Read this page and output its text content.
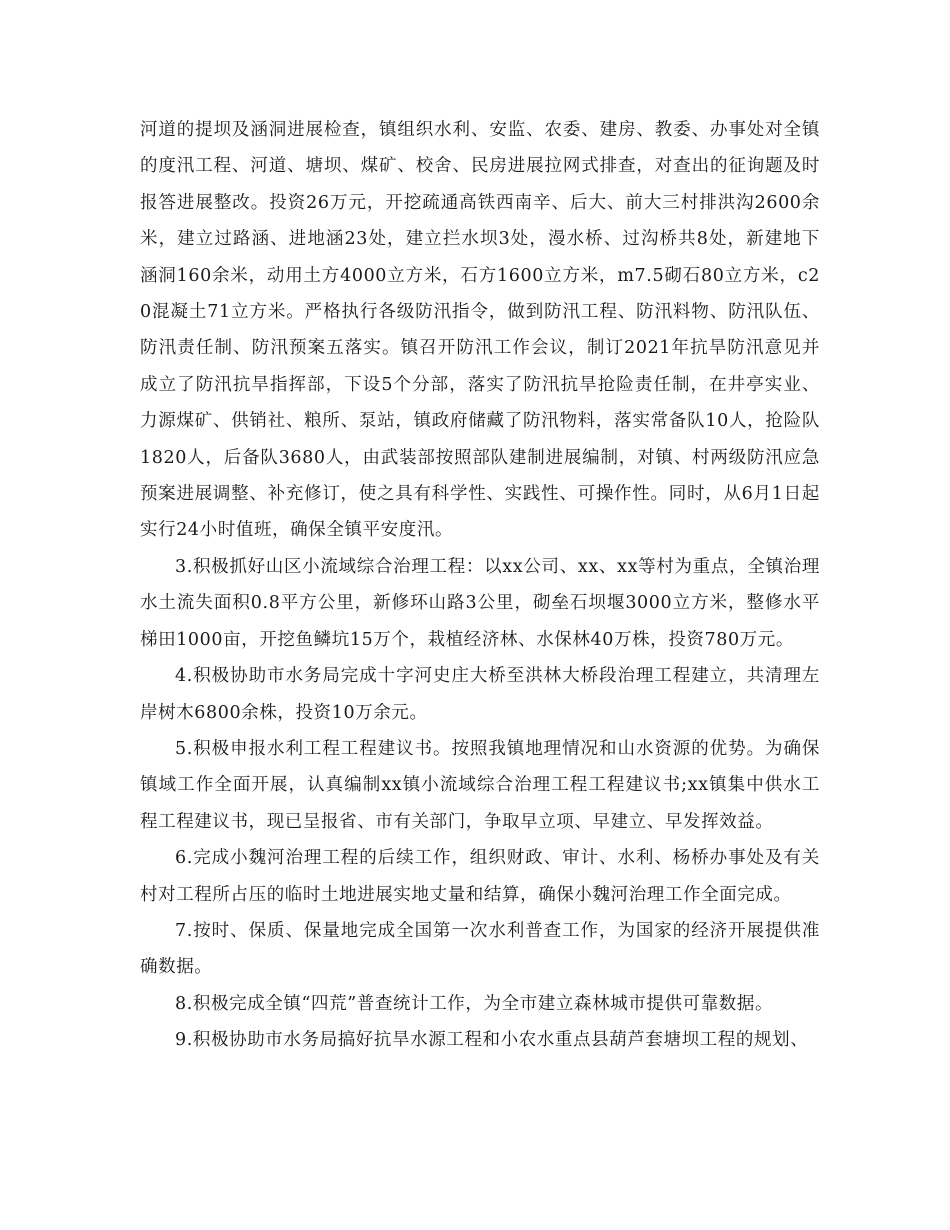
河道的提坝及涵洞进展检查，镇组织水利、安监、农委、建房、教委、办事处对全镇的度汛工程、河道、塘坝、煤矿、校舍、民房进展拉网式排查，对查出的征询题及时报答进展整改。投资26万元，开挖疏通高铁西南辛、后大、前大三村排洪沟2600余米，建立过路涵、进地涵23处，建立拦水坝3处，漫水桥、过沟桥共8处，新建地下涵洞160余米，动用土方4000立方米，石方1600立方米，m7.5砌石80立方米，c20混凝土71立方米。严格执行各级防汛指令，做到防汛工程、防汛料物、防汛队伍、防汛责任制、防汛预案五落实。镇召开防汛工作会议，制订2021年抗旱防汛意见并成立了防汛抗旱指挥部，下设5个分部，落实了防汛抗旱抢险责任制，在井亭实业、力源煤矿、供销社、粮所、泵站，镇政府储藏了防汛物料，落实常备队10人，抢险队1820人，后备队3680人，由武装部按照部队建制进展编制，对镇、村两级防汛应急预案进展调整、补充修订，使之具有科学性、实践性、可操作性。同时，从6月1日起实行24小时值班，确保全镇平安度汛。

3.积极抓好山区小流域综合治理工程：以xx公司、xx、xx等村为重点，全镇治理水土流失面积0.8平方公里，新修环山路3公里，砌垒石坝堰3000立方米，整修水平梯田1000亩，开挖鱼鳞坑15万个，栽植经济林、水保林40万株，投资780万元。

4.积极协助市水务局完成十字河史庄大桥至洪林大桥段治理工程建立，共清理左岸树木6800余株，投资10万余元。

5.积极申报水利工程工程建议书。按照我镇地理情况和山水资源的优势。为确保镇域工作全面开展，认真编制xx镇小流域综合治理工程工程建议书;xx镇集中供水工程工程建议书，现已呈报省、市有关部门，争取早立项、早建立、早发挥效益。

6.完成小魏河治理工程的后续工作，组织财政、审计、水利、杨桥办事处及有关村对工程所占压的临时土地进展实地丈量和结算，确保小魏河治理工作全面完成。

7.按时、保质、保量地完成全国第一次水利普查工作，为国家的经济开展提供准确数据。

8.积极完成全镇“四荒”普查统计工作，为全市建立森林城市提供可靠数据。

9.积极协助市水务局搞好抗旱水源工程和小农水重点县葫芦套塘坝工程的规划、
